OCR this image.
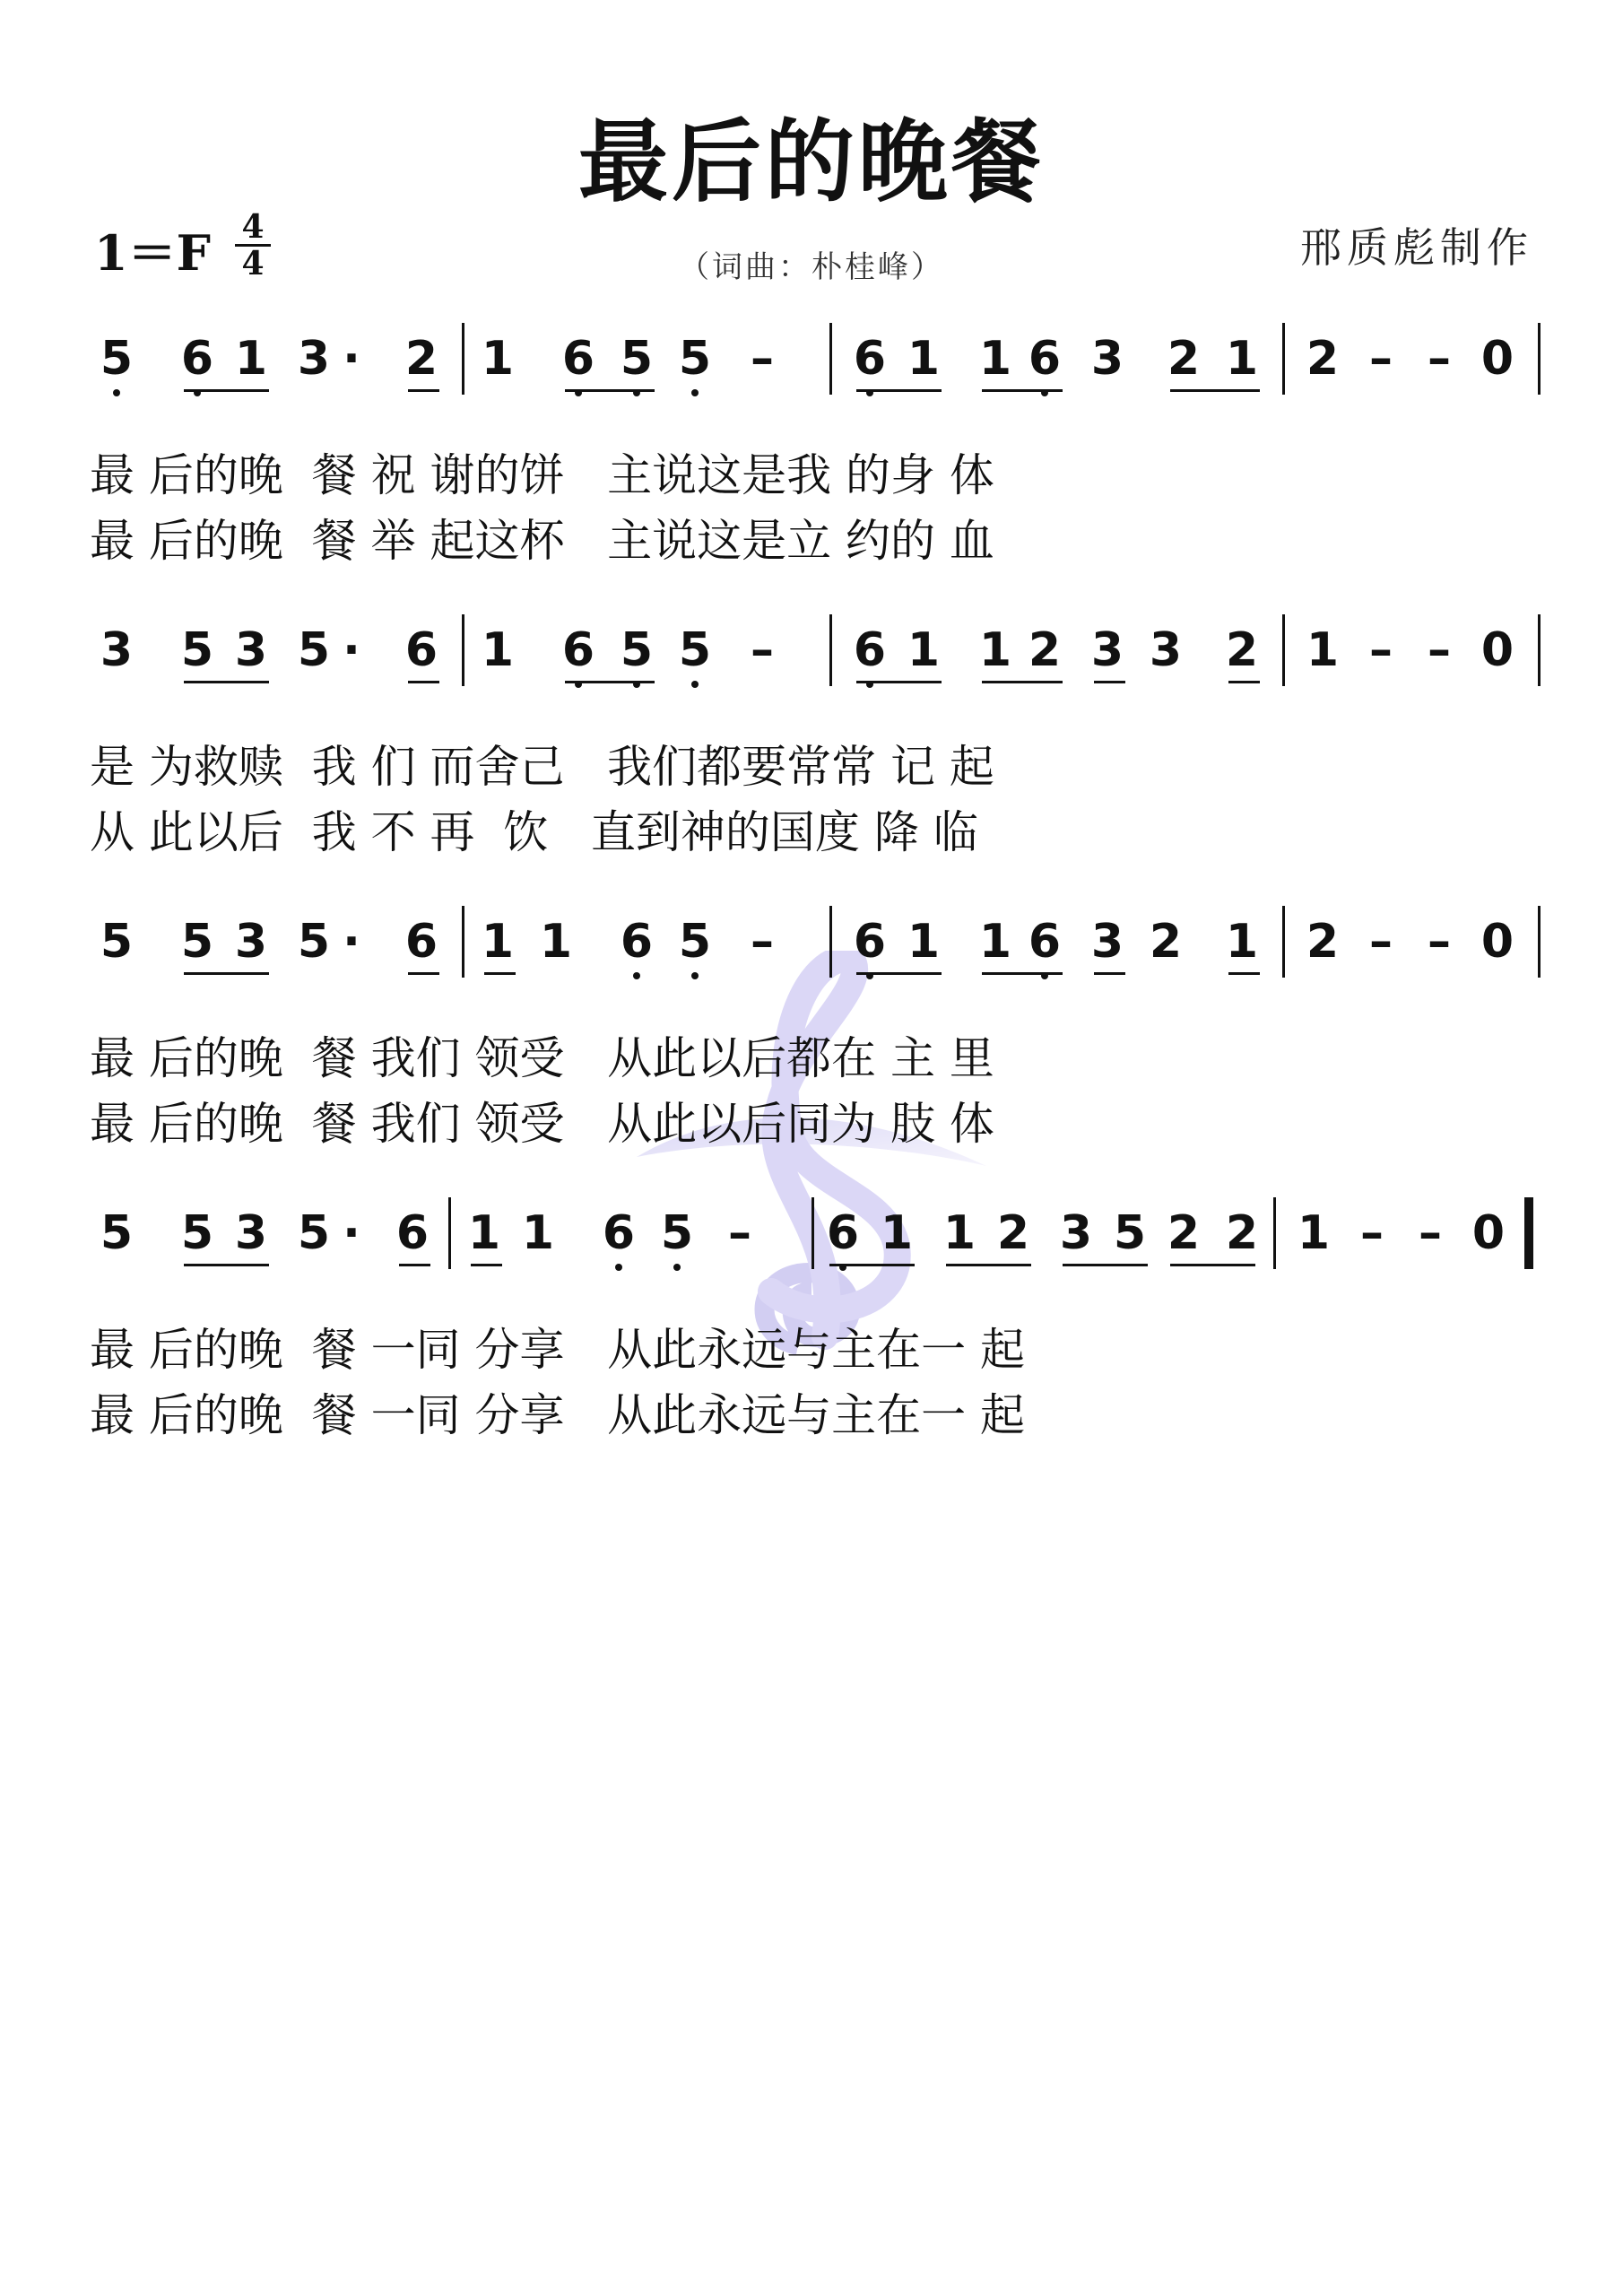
最后的晚餐
1＝F 4
4	（词曲：朴桂峰）	邢质彪制作
5 6 1 3 · 2 1 6 5 5 – 6 1 1 6 3 2 1 2 – – 0
最 后的晚  餐 祝 谢的饼   主说这是我 的身 体
最 后的晚  餐 举 起这杯   主说这是立 约的 血
3 5 3 5 · 6 1 6 5 5 – 6 1 1 2 3 3 2 1 – – 0
是 为救赎  我 们 而舍己   我们都要常常 记 起
从 此以后  我 不 再  饮   直到神的国度 降 临
5 5 3 5 · 6 1 1 6 5 – 6 1 1 6 3 2 1 2 – – 0
最 后的晚  餐 我们 领受   从此以后都在 主 里
最 后的晚  餐 我们 领受   从此以后同为 肢 体
5 5 3 5 · 6 1 1 6 5 – 6 1 1 2 3 5 2 2 1 – – 0
最 后的晚  餐 一同 分享   从此永远与主在一 起
最 后的晚  餐 一同 分享   从此永远与主在一 起
